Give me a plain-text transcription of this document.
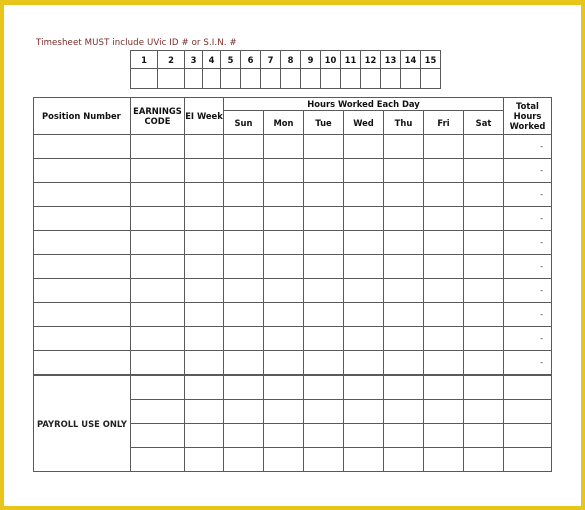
Timesheet MUST include UVic ID # or S.I.N. #
1	2	3	4	5	6	7	8	9	10	11	12	13	14	15

Position Number	EARNINGS CODE	EI Week	Hours Worked Each Day							Total Hours Worked
			Sun	Mon	Tue	Wed	Thu	Fri	Sat	
										-
										-
										-
										-
										-
										-
										-
										-
										-
										-
PAYROLL USE ONLY										
